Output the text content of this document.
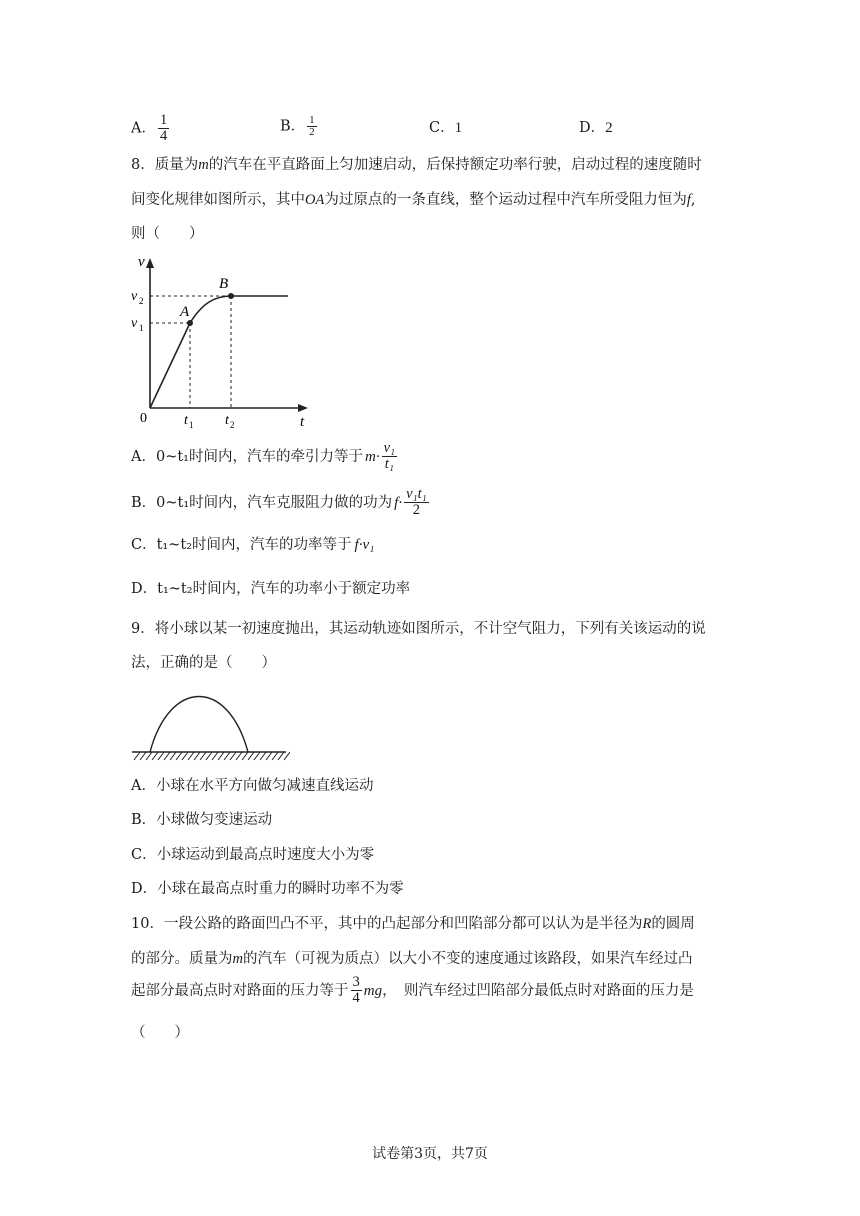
A． $\frac{1}{4}$	B． $\frac{1}{2}$	C．1	D．2
8．质量为m的汽车在平直路面上匀加速启动，后保持额定功率行驶，启动过程的速度随时
间变化规律如图所示，其中OA为过原点的一条直线，整个运动过程中汽车所受阻力恒为f,
则（　　）
v
t
0
A
B
v 1
v 2
t 1 t 2
A． 0~t₁时间内，汽车的牵引力等于 $m\cdot \frac{\text{v₁}}{\text{t₁}}$
B． 0~t₁时间内，汽车克服阻力做的功为 $f\cdot \frac{\text{v₁t₁}}{2}$
C．t₁~t₂时间内，汽车的功率等于 f·v₁
D．t₁~t₂时间内，汽车的功率小于额定功率
9．将小球以某一初速度抛出，其运动轨迹如图所示，不计空气阻力，下列有关该运动的说
法，正确的是（　　）
A．小球在水平方向做匀减速直线运动
B．小球做匀变速运动
C．小球运动到最高点时速度大小为零
D．小球在最高点时重力的瞬时功率不为零
10．一段公路的路面凹凸不平，其中的凸起部分和凹陷部分都可以认为是半径为R的圆周
的部分。质量为m的汽车（可视为质点）以大小不变的速度通过该路段，如果汽车经过凸
起部分最高点时对路面的压力等于 $\frac{3}{4}$ mg ，　则汽车经过凹陷部分最低点时对路面的压力是
（　　）
试卷第3页，共7页
